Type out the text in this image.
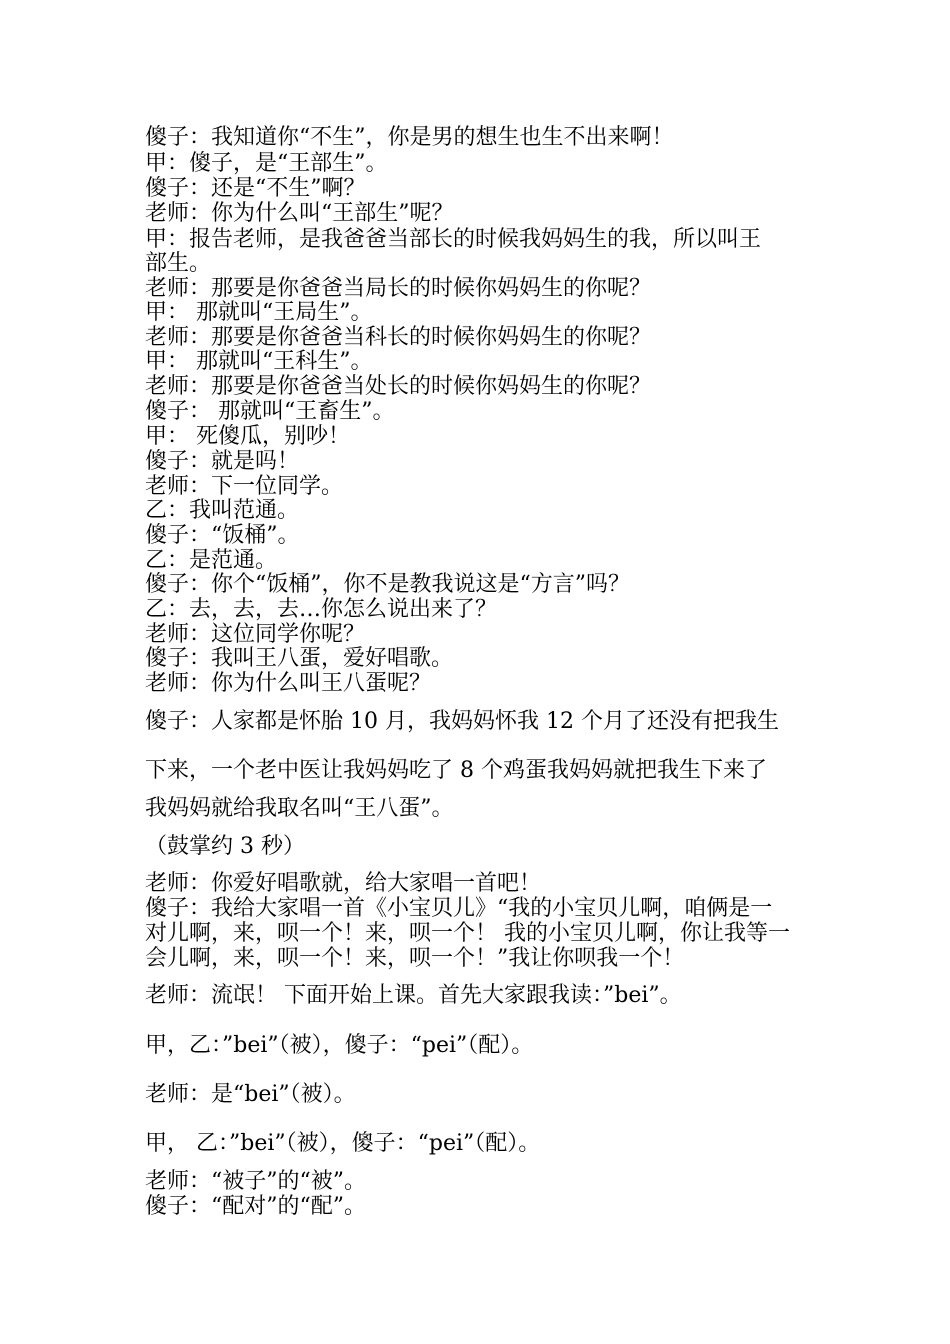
傻子：我知道你“不生”，你是男的想生也生不出来啊！

甲：傻子，是“王部生”。

傻子：还是“不生”啊？

老师：你为什么叫“王部生”呢？

甲：报告老师，是我爸爸当部长的时候我妈妈生的我，所以叫王

部生。

老师：那要是你爸爸当局长的时候你妈妈生的你呢？

甲： 那就叫“王局生”。

老师：那要是你爸爸当科长的时候你妈妈生的你呢？

甲： 那就叫“王科生”。

老师：那要是你爸爸当处长的时候你妈妈生的你呢？

傻子： 那就叫“王畜生”。

甲： 死傻瓜，别吵！

傻子：就是吗！

老师：下一位同学。

乙：我叫范通。

傻子：“饭桶”。

乙：是范通。

傻子：你个“饭桶”，你不是教我说这是“方言”吗？

乙：去，去，去…你怎么说出来了？

老师：这位同学你呢？

傻子：我叫王八蛋，爱好唱歌。

老师：你为什么叫王八蛋呢？

傻子：人家都是怀胎 10 月，我妈妈怀我 12 个月了还没有把我生

下来，一个老中医让我妈妈吃了 8 个鸡蛋我妈妈就把我生下来了

我妈妈就给我取名叫“王八蛋”。

（鼓掌约 3 秒）

老师：你爱好唱歌就，给大家唱一首吧！

傻子：我给大家唱一首《小宝贝儿》“我的小宝贝儿啊，咱俩是一

对儿啊，来，呗一个！来，呗一个！ 我的小宝贝儿啊，你让我等一

会儿啊，来，呗一个！来，呗一个！”我让你呗我一个！

老师：流氓！ 下面开始上课。首先大家跟我读：”bei”。

甲，乙：”bei”（被），傻子：“pei”（配）。

老师：是“bei”（被）。

甲， 乙：”bei”（被），傻子：“pei”（配）。

老师：“被子”的“被”。

傻子：“配对”的“配”。
